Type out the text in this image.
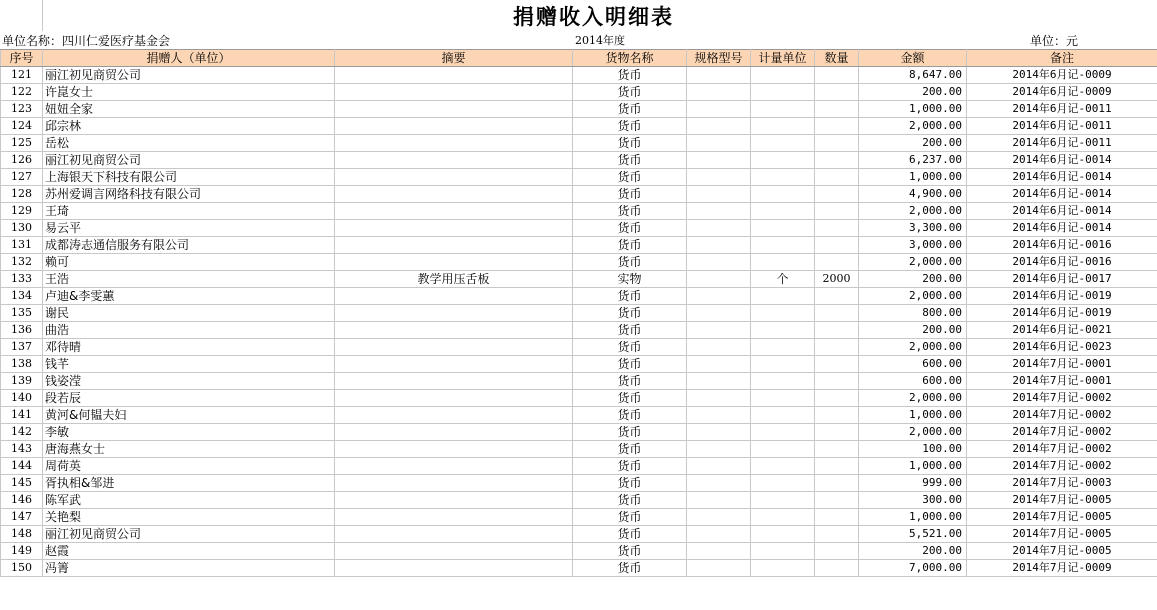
捐赠收入明细表
单位名称：四川仁爱医疗基金会	2014年度	单位：元
序号	捐赠人（单位）	摘要	货物名称	规格型号	计量单位	数量	金额	备注
121	丽江初见商贸公司		货币				8,647.00	2014年6月记-0009
122	许崑女士		货币				200.00	2014年6月记-0009
123	妞妞全家		货币				1,000.00	2014年6月记-0011
124	邱宗林		货币				2,000.00	2014年6月记-0011
125	岳松		货币				200.00	2014年6月记-0011
126	丽江初见商贸公司		货币				6,237.00	2014年6月记-0014
127	上海银天下科技有限公司		货币				1,000.00	2014年6月记-0014
128	苏州爱调言网络科技有限公司		货币				4,900.00	2014年6月记-0014
129	王琦		货币				2,000.00	2014年6月记-0014
130	易云平		货币				3,300.00	2014年6月记-0014
131	成都涛志通信服务有限公司		货币				3,000.00	2014年6月记-0016
132	赖可		货币				2,000.00	2014年6月记-0016
133	王浩	教学用压舌板	实物		个	2000	200.00	2014年6月记-0017
134	卢迪&李雯蕙		货币				2,000.00	2014年6月记-0019
135	谢民		货币				800.00	2014年6月记-0019
136	曲浩		货币				200.00	2014年6月记-0021
137	邓待晴		货币				2,000.00	2014年6月记-0023
138	钱芊		货币				600.00	2014年7月记-0001
139	钱姿滢		货币				600.00	2014年7月记-0001
140	段若辰		货币				2,000.00	2014年7月记-0002
141	黄河&何韫夫妇		货币				1,000.00	2014年7月记-0002
142	李敏		货币				2,000.00	2014年7月记-0002
143	唐海燕女士		货币				100.00	2014年7月记-0002
144	周荷英		货币				1,000.00	2014年7月记-0002
145	胥执相&邹进		货币				999.00	2014年7月记-0003
146	陈军武		货币				300.00	2014年7月记-0005
147	关艳梨		货币				1,000.00	2014年7月记-0005
148	丽江初见商贸公司		货币				5,521.00	2014年7月记-0005
149	赵霞		货币				200.00	2014年7月记-0005
150	冯箐		货币				7,000.00	2014年7月记-0009
